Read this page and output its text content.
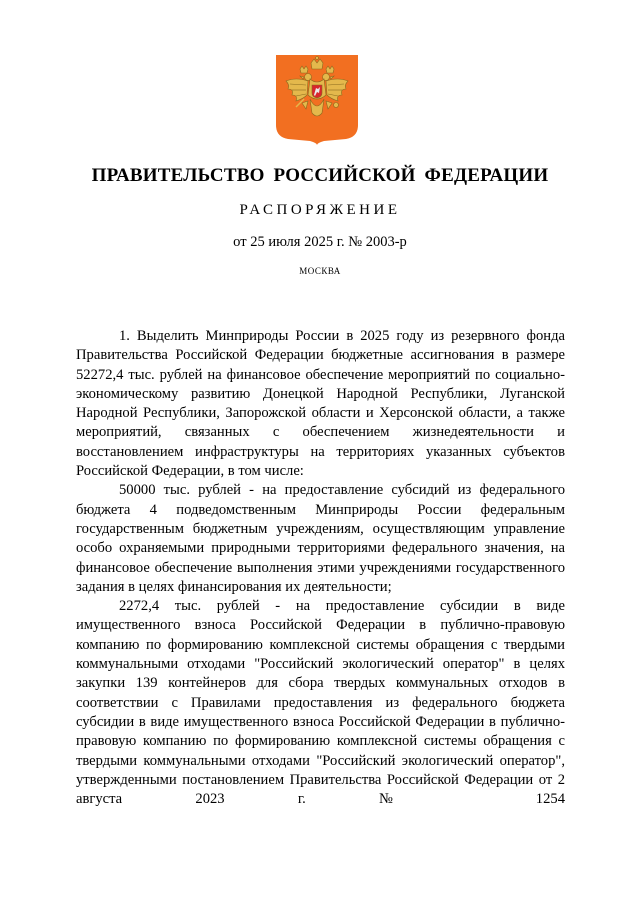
ПРАВИТЕЛЬСТВО РОССИЙСКОЙ ФЕДЕРАЦИИ
РАСПОРЯЖЕНИЕ
от 25 июля 2025 г. № 2003-р
МОСКВА

1. Выделить Минприроды России в 2025 году из резервного фонда Правительства Российской Федерации бюджетные ассигнования в размере 52272,4 тыс. рублей на финансовое обеспечение мероприятий по социально-экономическому развитию Донецкой Народной Республики, Луганской Народной Республики, Запорожской области и Херсонской области, а также мероприятий, связанных с обеспечением жизнедеятельности и восстановлением инфраструктуры на территориях указанных субъектов Российской Федерации, в том числе:

50000 тыс. рублей - на предоставление субсидий из федерального бюджета 4 подведомственным Минприроды России федеральным государственным бюджетным учреждениям, осуществляющим управление особо охраняемыми природными территориями федерального значения, на финансовое обеспечение выполнения этими учреждениями государственного задания в целях финансирования их деятельности;

2272,4 тыс. рублей - на предоставление субсидии в виде имущественного взноса Российской Федерации в публично-правовую компанию по формированию комплексной системы обращения с твердыми коммунальными отходами "Российский экологический оператор" в целях закупки 139 контейнеров для сбора твердых коммунальных отходов в соответствии с Правилами предоставления из федерального бюджета субсидии в виде имущественного взноса Российской Федерации в публично-правовую компанию по формированию комплексной системы обращения с твердыми коммунальными отходами "Российский экологический оператор", утвержденными постановлением Правительства Российской Федерации от 2 августа 2023 г. № 1254
